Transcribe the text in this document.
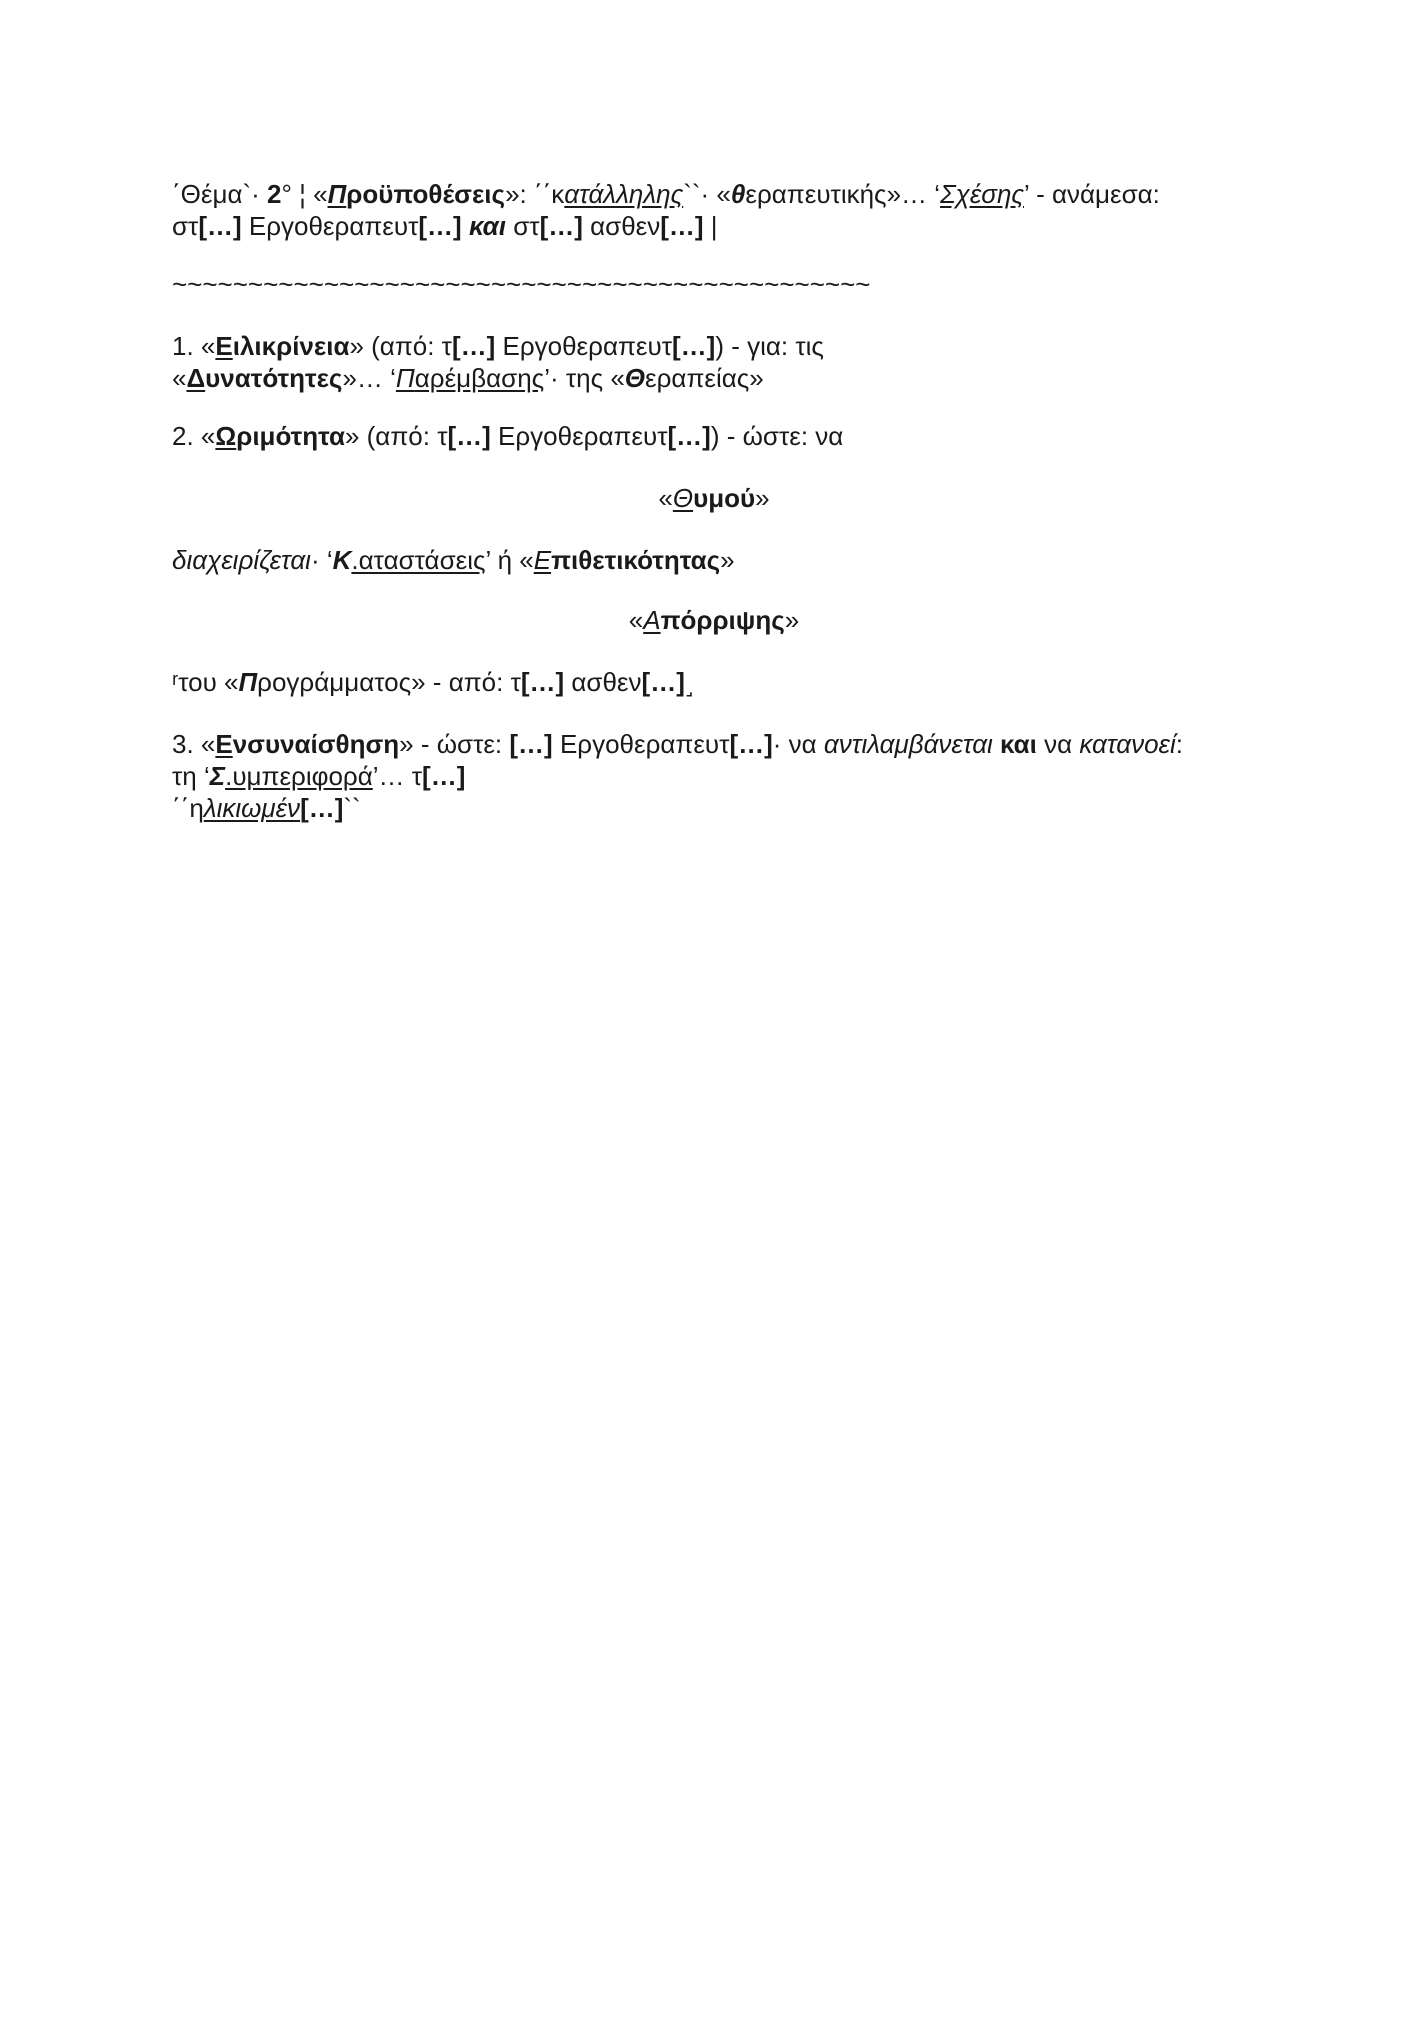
΄Θέμα`· 2° ¦ «Προϋποθέσεις»: ΄΄κατάλληλης``· «θεραπευτικής»… ‘Σχέσης’ - ανάμεσα:
στ[…] Εργοθεραπευτ[…] και στ[…] ασθεν[…] |
~~~~~~~~~~~~~~~~~~~~~~~~~~~~~~~~~~~~~~~~~~~~~~
1. «Ειλικρίνεια» (από: τ[…] Εργοθεραπευτ[…]) - για: τις
«Δυνατότητες»… ‘Παρέμβασης’· της «Θεραπείας»
2. «Ωριμότητα» (από: τ[…] Εργοθεραπευτ[…]) - ώστε: να
«Θυμού»
διαχειρίζεται· ‘Κ.αταστάσεις’ ή «Επιθετικότητας»
«Απόρριψης»
ʳτου «Προγράμματος» - από: τ[…] ασθεν[…]˼
3. «Ενσυναίσθηση» - ώστε: […] Εργοθεραπευτ[…]· να αντιλαμβάνεται και να κατανοεί:
τη ‘Σ.υμπεριφορά’… τ[…]
΄΄ηλικιωμέν[…]``
